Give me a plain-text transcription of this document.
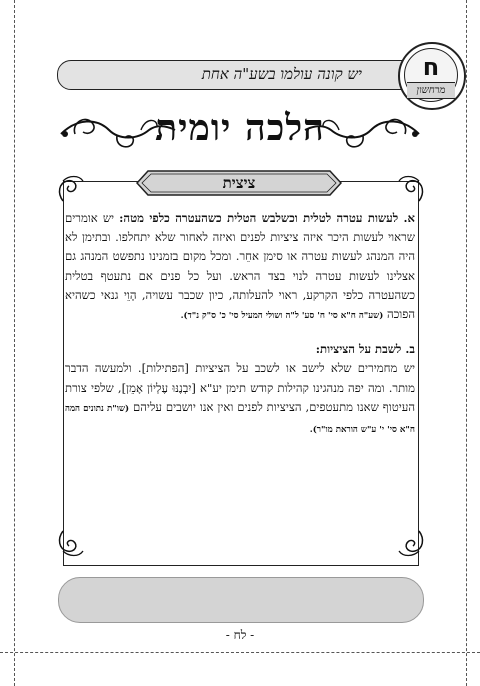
יש קונה עולמו בשע"ה אחת	ח
מרחשון
הלכה יומית
ציצית

א. לעשות עטרה לטלית וכשלבש הטלית כשהעטרה כלפי מטה: יש אומרים שראוי לעשות היכר איזה ציציות לפנים ואיזה לאחור שלא יתחלפו. ובתימן לא היה המנהג לעשות עטרה או סימן אחֵר. ומכל מקום בזמנינו נתפשט המנהג גם אצלינו לעשות עטרה לנוי בצד הראש. ועל כל פנים אם נתעטף בטלית כשהעטרה כלפי הקרקע, ראוי להעלותה, כיון שכבר עשויה, הָוֵי גנאי כשהיא הפוכה (שע"ה ח"א סי' ח' סע' ל"ה ושולי המעיל סי' כ' ס"ק נ"ד).

ב. לשבת על הציציות:

יש מחמירים שלא לישב או לשכב על הציציות [הפתילות]. ולמעשה הדבר מותר. ומה יפה מנהגינו קהילות קודש תימן יע"א [יִבְנֶנּוּ עֶלְיוֹן אָמֵן], שלפי צורת העיטוף שאנו מתעטפים, הציציות לפנים ואין אנו יושבים עליהם (שו"ת נתונים המה ח"א סי' י' ע"ש הוראת מו"ר).

- לח -
